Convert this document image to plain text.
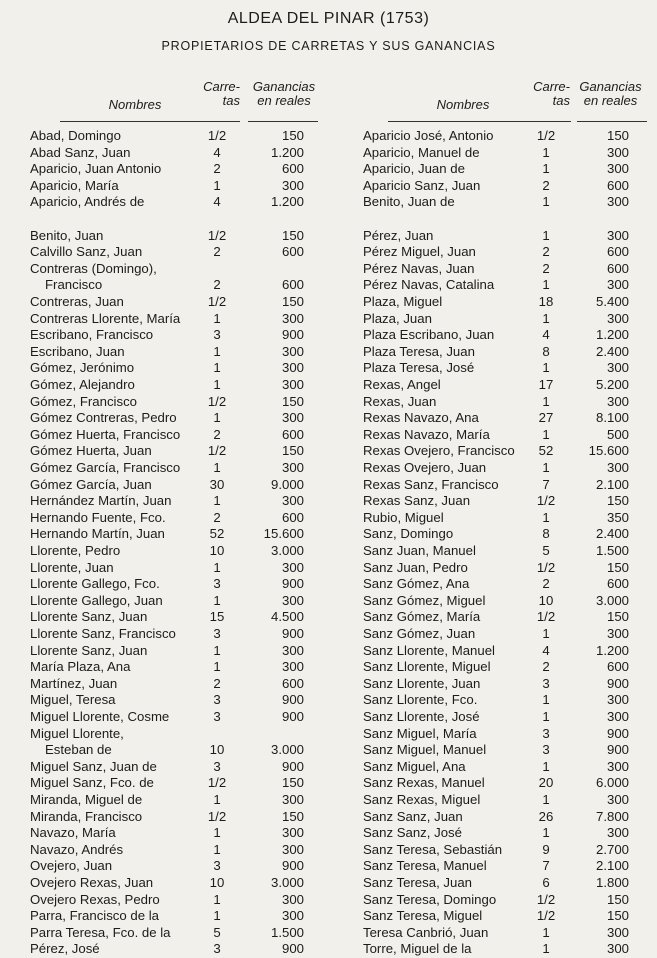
ALDEA DEL PINAR (1753)
PROPIETARIOS DE CARRETAS Y SUS GANANCIAS
Nombres
Carre-
tas
Ganancias
en reales
Abad, Domingo	1/2	150
Abad Sanz, Juan	4	1.200
Aparicio, Juan Antonio	2	600
Aparicio, María	1	300
Aparicio, Andrés de	4	1.200
Benito, Juan	1/2	150
Calvillo Sanz, Juan	2	600
Contreras (Domingo),
Francisco	2	600
Contreras, Juan	1/2	150
Contreras Llorente, María	1	300
Escribano, Francisco	3	900
Escribano, Juan	1	300
Gómez, Jerónimo	1	300
Gómez, Alejandro	1	300
Gómez, Francisco	1/2	150
Gómez Contreras, Pedro	1	300
Gómez Huerta, Francisco	2	600
Gómez Huerta, Juan	1/2	150
Gómez García, Francisco	1	300
Gómez García, Juan	30	9.000
Hernández Martín, Juan	1	300
Hernando Fuente, Fco.	2	600
Hernando Martín, Juan	52	15.600
Llorente, Pedro	10	3.000
Llorente, Juan	1	300
Llorente Gallego, Fco.	3	900
Llorente Gallego, Juan	1	300
Llorente Sanz, Juan	15	4.500
Llorente Sanz, Francisco	3	900
Llorente Sanz, Juan	1	300
María Plaza, Ana	1	300
Martínez, Juan	2	600
Miguel, Teresa	3	900
Miguel Llorente, Cosme	3	900
Miguel Llorente,
Esteban de	10	3.000
Miguel Sanz, Juan de	3	900
Miguel Sanz, Fco. de	1/2	150
Miranda, Miguel de	1	300
Miranda, Francisco	1/2	150
Navazo, María	1	300
Navazo, Andrés	1	300
Ovejero, Juan	3	900
Ovejero Rexas, Juan	10	3.000
Ovejero Rexas, Pedro	1	300
Parra, Francisco de la	1	300
Parra Teresa, Fco. de la	5	1.500
Pérez, José	3	900
Nombres
Carre-
tas
Ganancias
en reales
Aparicio José, Antonio	1/2	150
Aparicio, Manuel de	1	300
Aparicio, Juan de	1	300
Aparicio Sanz, Juan	2	600
Benito, Juan de	1	300
Pérez, Juan	1	300
Pérez Miguel, Juan	2	600
Pérez Navas, Juan	2	600
Pérez Navas, Catalina	1	300
Plaza, Miguel	18	5.400
Plaza, Juan	1	300
Plaza Escribano, Juan	4	1.200
Plaza Teresa, Juan	8	2.400
Plaza Teresa, José	1	300
Rexas, Angel	17	5.200
Rexas, Juan	1	300
Rexas Navazo, Ana	27	8.100
Rexas Navazo, María	1	500
Rexas Ovejero, Francisco	52	15.600
Rexas Ovejero, Juan	1	300
Rexas Sanz, Francisco	7	2.100
Rexas Sanz, Juan	1/2	150
Rubio, Miguel	1	350
Sanz, Domingo	8	2.400
Sanz Juan, Manuel	5	1.500
Sanz Juan, Pedro	1/2	150
Sanz Gómez, Ana	2	600
Sanz Gómez, Miguel	10	3.000
Sanz Gómez, María	1/2	150
Sanz Gómez, Juan	1	300
Sanz Llorente, Manuel	4	1.200
Sanz Llorente, Miguel	2	600
Sanz Llorente, Juan	3	900
Sanz Llorente, Fco.	1	300
Sanz Llorente, José	1	300
Sanz Miguel, María	3	900
Sanz Miguel, Manuel	3	900
Sanz Miguel, Ana	1	300
Sanz Rexas, Manuel	20	6.000
Sanz Rexas, Miguel	1	300
Sanz Sanz, Juan	26	7.800
Sanz Sanz, José	1	300
Sanz Teresa, Sebastián	9	2.700
Sanz Teresa, Manuel	7	2.100
Sanz Teresa, Juan	6	1.800
Sanz Teresa, Domingo	1/2	150
Sanz Teresa, Miguel	1/2	150
Teresa Canbrió, Juan	1	300
Torre, Miguel de la	1	300
